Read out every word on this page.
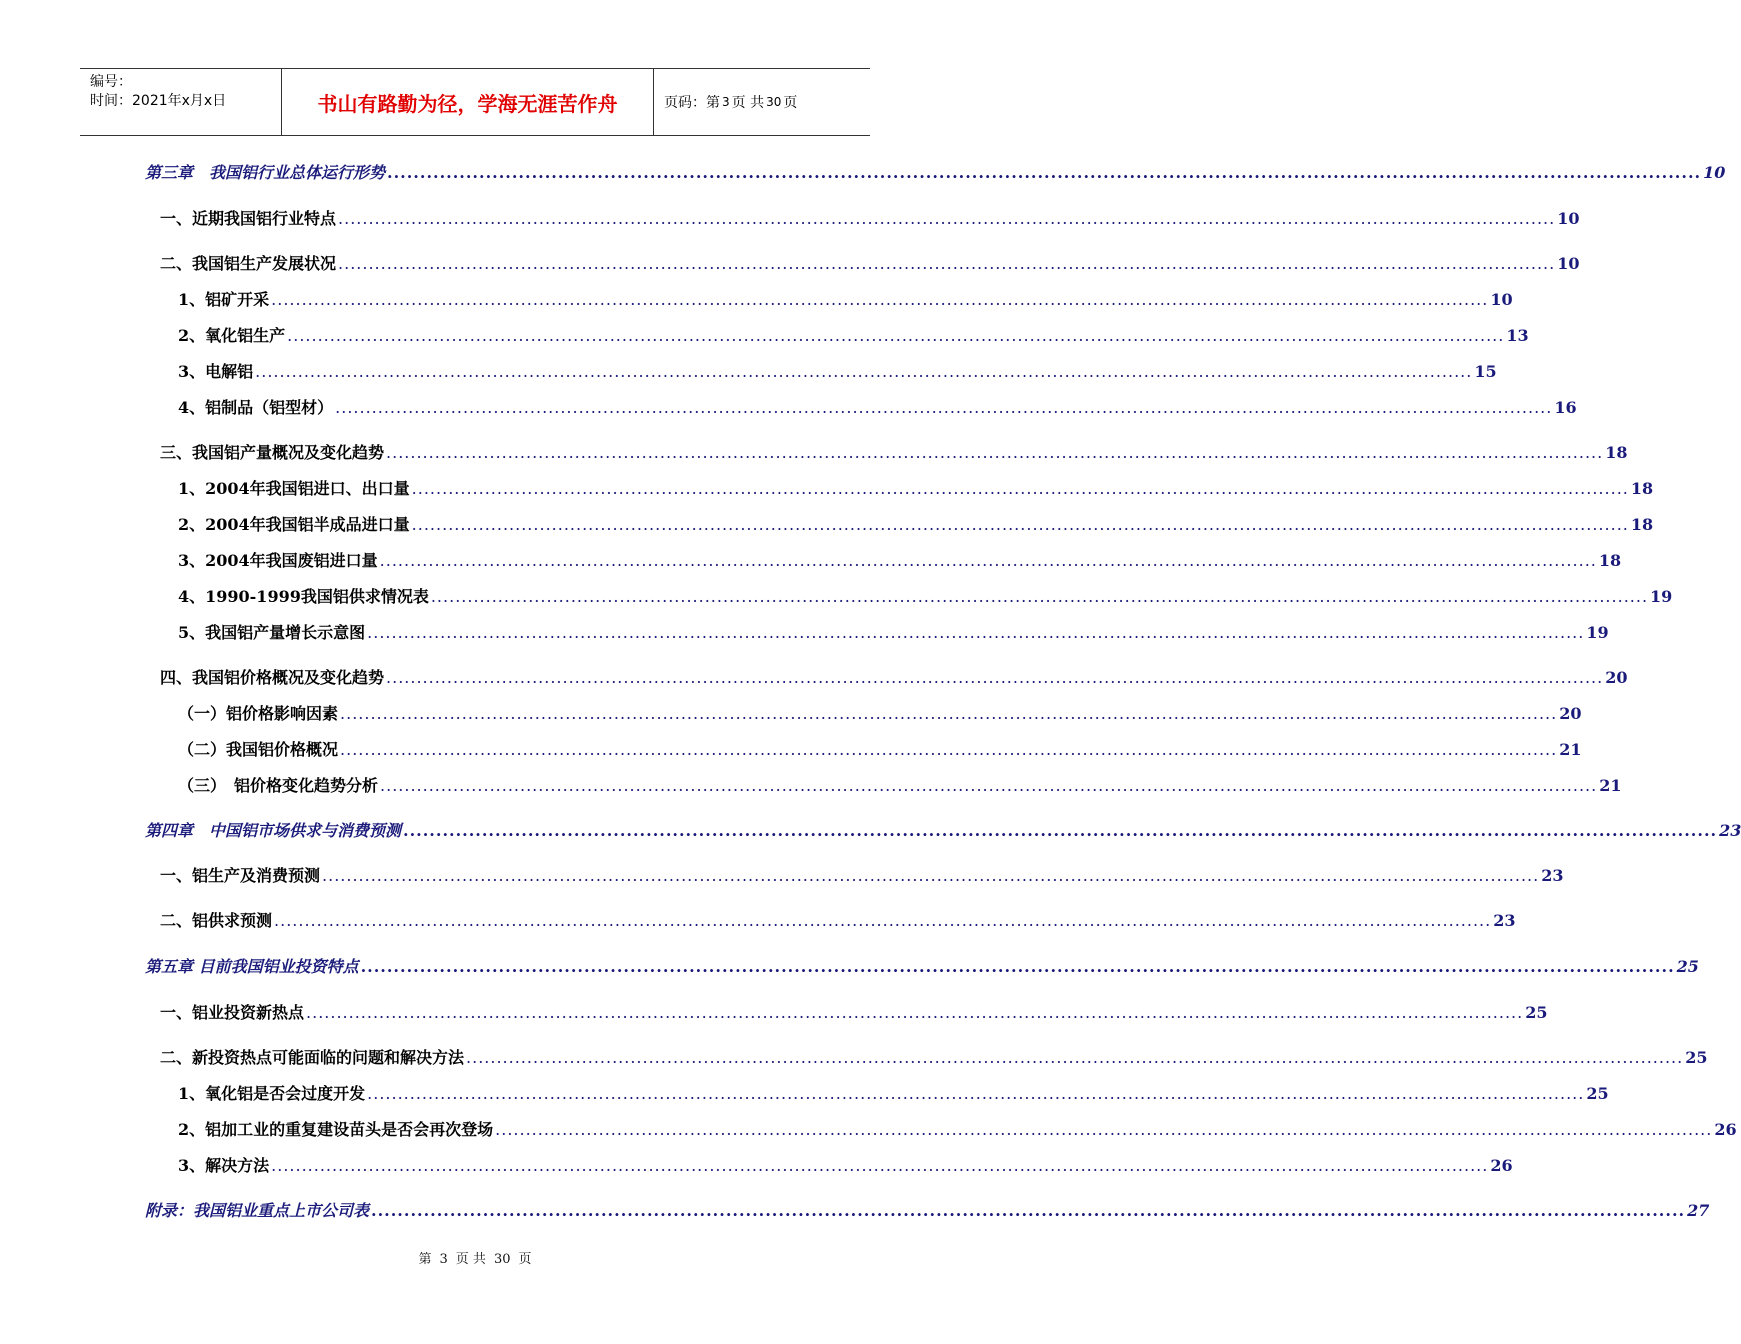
编号：
时间：2021年x月x日	书山有路勤为径，学海无涯苦作舟	页码：第 3 页 共 30 页
第三章　我国铝行业总体运行形势 ........................................................................................................................................................................................................ 10
一、近期我国铝行业特点 ........................................................................................................................................................................................................ 10
二、我国铝生产发展状况 ........................................................................................................................................................................................................ 10
1、铝矿开采 ........................................................................................................................................................................................................ 10
2、氧化铝生产 ........................................................................................................................................................................................................ 13
3、电解铝 ........................................................................................................................................................................................................ 15
4、铝制品（铝型材） ........................................................................................................................................................................................................ 16
三、我国铝产量概况及变化趋势 ........................................................................................................................................................................................................ 18
1、2004年我国铝进口、出口量 ........................................................................................................................................................................................................ 18
2、2004年我国铝半成品进口量 ........................................................................................................................................................................................................ 18
3、2004年我国废铝进口量 ........................................................................................................................................................................................................ 18
4、1990-1999我国铝供求情况表 ........................................................................................................................................................................................................ 19
5、我国铝产量增长示意图 ........................................................................................................................................................................................................ 19
四、我国铝价格概况及变化趋势 ........................................................................................................................................................................................................ 20
（一）铝价格影响因素 ........................................................................................................................................................................................................ 20
（二）我国铝价格概况 ........................................................................................................................................................................................................ 21
（三）　铝价格变化趋势分析 ........................................................................................................................................................................................................ 21
第四章　中国铝市场供求与消费预测 ........................................................................................................................................................................................................ 23
一、铝生产及消费预测 ........................................................................................................................................................................................................ 23
二、铝供求预测 ........................................................................................................................................................................................................ 23
第五章 目前我国铝业投资特点 ........................................................................................................................................................................................................ 25
一、铝业投资新热点 ........................................................................................................................................................................................................ 25
二、新投资热点可能面临的问题和解决方法 ........................................................................................................................................................................................................ 25
1、氧化铝是否会过度开发 ........................................................................................................................................................................................................ 25
2、铝加工业的重复建设苗头是否会再次登场 ........................................................................................................................................................................................................ 26
3、解决方法 ........................................................................................................................................................................................................ 26
附录：我国铝业重点上市公司表 ........................................................................................................................................................................................................ 27
第 3 页 共 30 页
